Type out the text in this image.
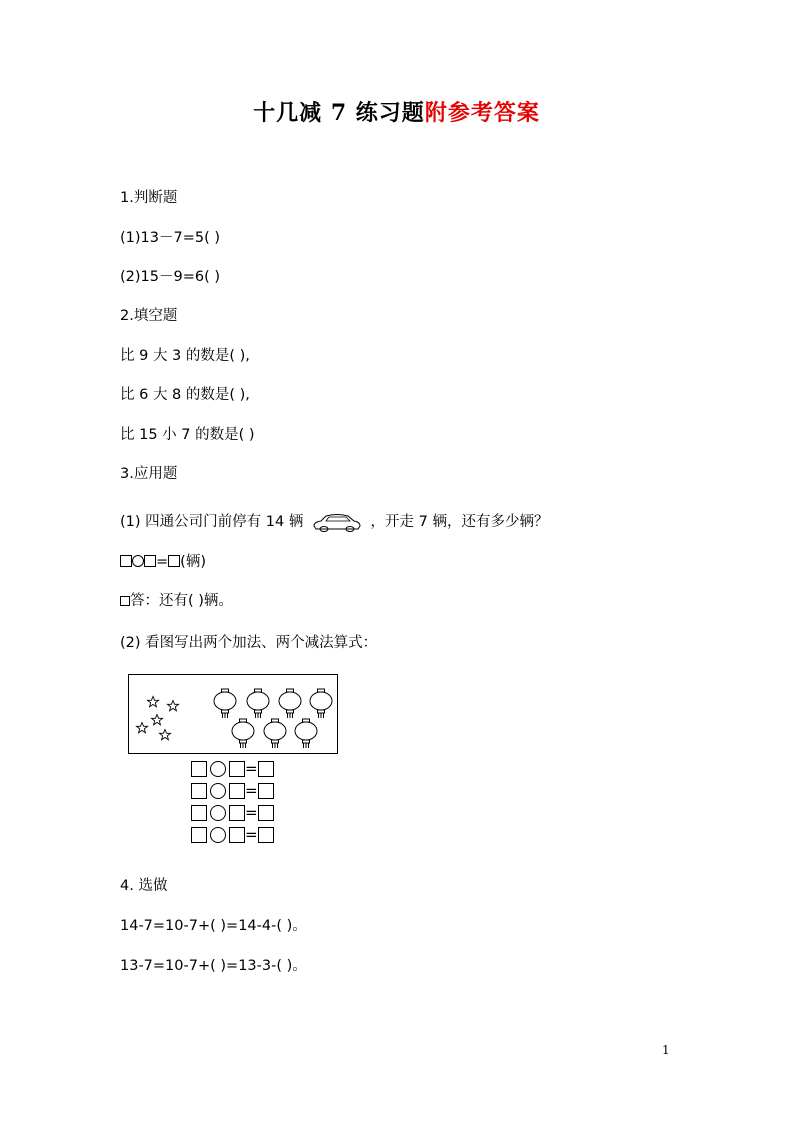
十几减 7 练习题附参考答案
1.判断题
(1)13－7=5( )
(2)15－9=6( )
2.填空题
比 9 大 3 的数是( ),
比 6 大 8 的数是( ),
比 15 小 7 的数是( )
3.应用题
(1) 四通公司门前停有 14 辆	，开走 7 辆，还有多少辆？
= (辆)
答：还有( )辆。
(2) 看图写出两个加法、两个减法算式：
=
=
=
=
4. 选做
14-7=10-7+( )=14-4-( )。
13-7=10-7+( )=13-3-( )。
1
